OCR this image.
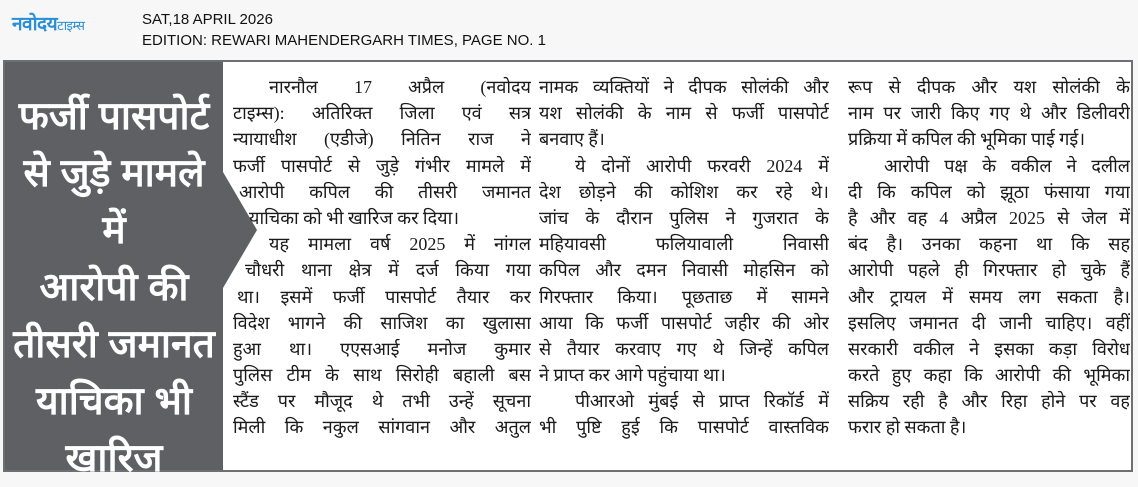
नवोदयटाइम्स	SAT,18 APRIL 2026
EDITION: REWARI MAHENDERGARH TIMES, PAGE NO. 1
फर्जी पासपोर्ट
से जुड़े मामले में
आरोपी की
तीसरी जमानत
याचिका भी
खारिज
नारनौल 17 अप्रैल (नवोदय
टाइम्स): अतिरिक्त जिला एवं सत्र
न्यायाधीश (एडीजे) नितिन राज ने
फर्जी पासपोर्ट से जुड़े गंभीर मामले में
आरोपी कपिल की तीसरी जमानत
याचिका को भी खारिज कर दिया।
यह मामला वर्ष 2025 में नांगल
चौधरी थाना क्षेत्र में दर्ज किया गया
था। इसमें फर्जी पासपोर्ट तैयार कर
विदेश भागने की साजिश का खुलासा
हुआ था। एएसआई मनोज कुमार
पुलिस टीम के साथ सिरोही बहाली बस
स्टैंड पर मौजूद थे तभी उन्हें सूचना
मिली कि नकुल सांगवान और अतुल
नामक व्यक्तियों ने दीपक सोलंकी और
यश सोलंकी के नाम से फर्जी पासपोर्ट
बनवाए हैं।
ये दोनों आरोपी फरवरी 2024 में
देश छोड़ने की कोशिश कर रहे थे।
जांच के दौरान पुलिस ने गुजरात के
महियावसी फलियावाली निवासी
कपिल और दमन निवासी मोहसिन को
गिरफ्तार किया। पूछताछ में सामने
आया कि फर्जी पासपोर्ट जहीर की ओर
से तैयार करवाए गए थे जिन्हें कपिल
ने प्राप्त कर आगे पहुंचाया था।
पीआरओ मुंबई से प्राप्त रिकॉर्ड में
भी पुष्टि हुई कि पासपोर्ट वास्तविक
रूप से दीपक और यश सोलंकी के
नाम पर जारी किए गए थे और डिलीवरी
प्रक्रिया में कपिल की भूमिका पाई गई।
आरोपी पक्ष के वकील ने दलील
दी कि कपिल को झूठा फंसाया गया
है और वह 4 अप्रैल 2025 से जेल में
बंद है। उनका कहना था कि सह
आरोपी पहले ही गिरफ्तार हो चुके हैं
और ट्रायल में समय लग सकता है।
इसलिए जमानत दी जानी चाहिए। वहीं
सरकारी वकील ने इसका कड़ा विरोध
करते हुए कहा कि आरोपी की भूमिका
सक्रिय रही है और रिहा होने पर वह
फरार हो सकता है।
